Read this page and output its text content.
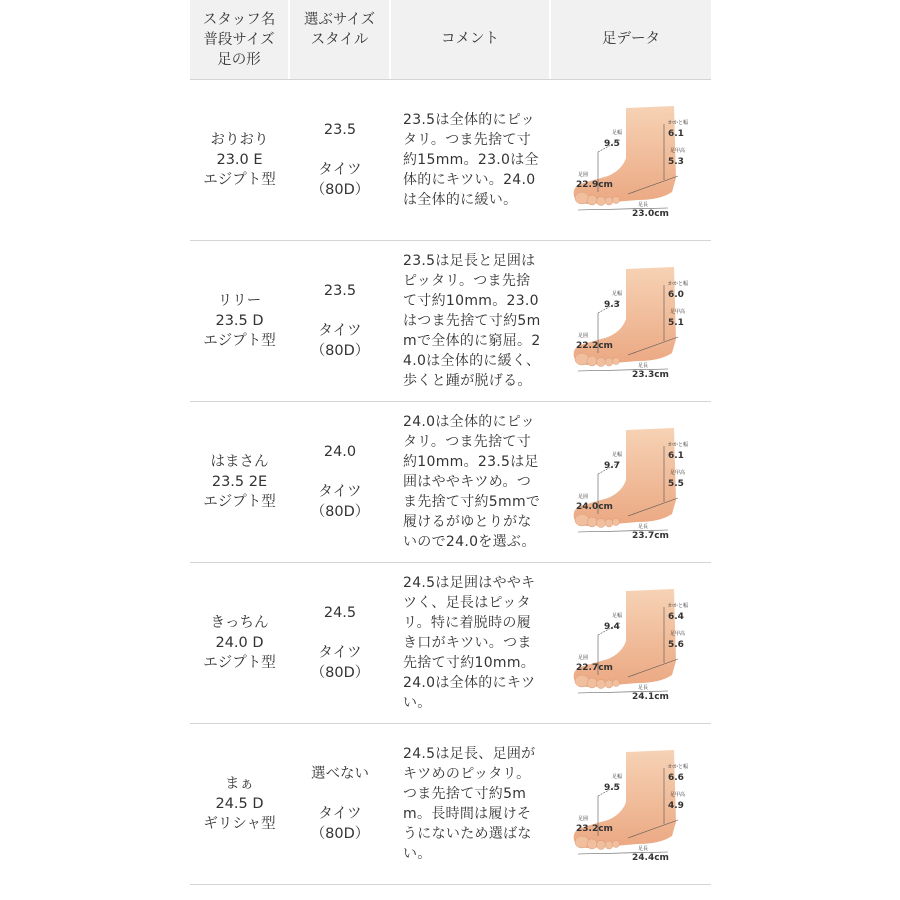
スタッフ名
普段サイズ
足の形
選ぶサイズ
スタイル	コメント	足データ
おりおり
23.0 E
エジプト型
23.5
タイツ
（80D）
23.5は全体的にピッタリ。つま先捨て寸約15mm。23.0は全体的にキツい。24.0は全体的に緩い。
足幅
9.5
かかと幅
6.1
足甲高
5.3
足囲
22.9cm
足長
23.0cm
リリー
23.5 D
エジプト型
23.5
タイツ
（80D）
23.5は足長と足囲はピッタリ。つま先捨て寸約10mm。23.0はつま先捨て寸約5mmで全体的に窮屈。24.0は全体的に緩く、歩くと踵が脱げる。
足幅
9.3
かかと幅
6.0
足甲高
5.1
足囲
22.2cm
足長
23.3cm
はまさん
23.5 2E
エジプト型
24.0
タイツ
（80D）
24.0は全体的にピッタリ。つま先捨て寸約10mm。23.5は足囲はややキツめ。つま先捨て寸約5mmで履けるがゆとりがないので24.0を選ぶ。
足幅
9.7
かかと幅
6.1
足甲高
5.5
足囲
24.0cm
足長
23.7cm
きっちん
24.0 D
エジプト型
24.5
タイツ
（80D）
24.5は足囲はややキツく、足長はピッタリ。特に着脱時の履き口がキツい。つま先捨て寸約10mm。24.0は全体的にキツい。
足幅
9.4
かかと幅
6.4
足甲高
5.6
足囲
22.7cm
足長
24.1cm
まぁ
24.5 D
ギリシャ型
選べない
タイツ
（80D）
24.5は足長、足囲がキツめのピッタリ。つま先捨て寸約5mm。長時間は履けそうにないため選ばない。
足幅
9.5
かかと幅
6.6
足甲高
4.9
足囲
23.2cm
足長
24.4cm
